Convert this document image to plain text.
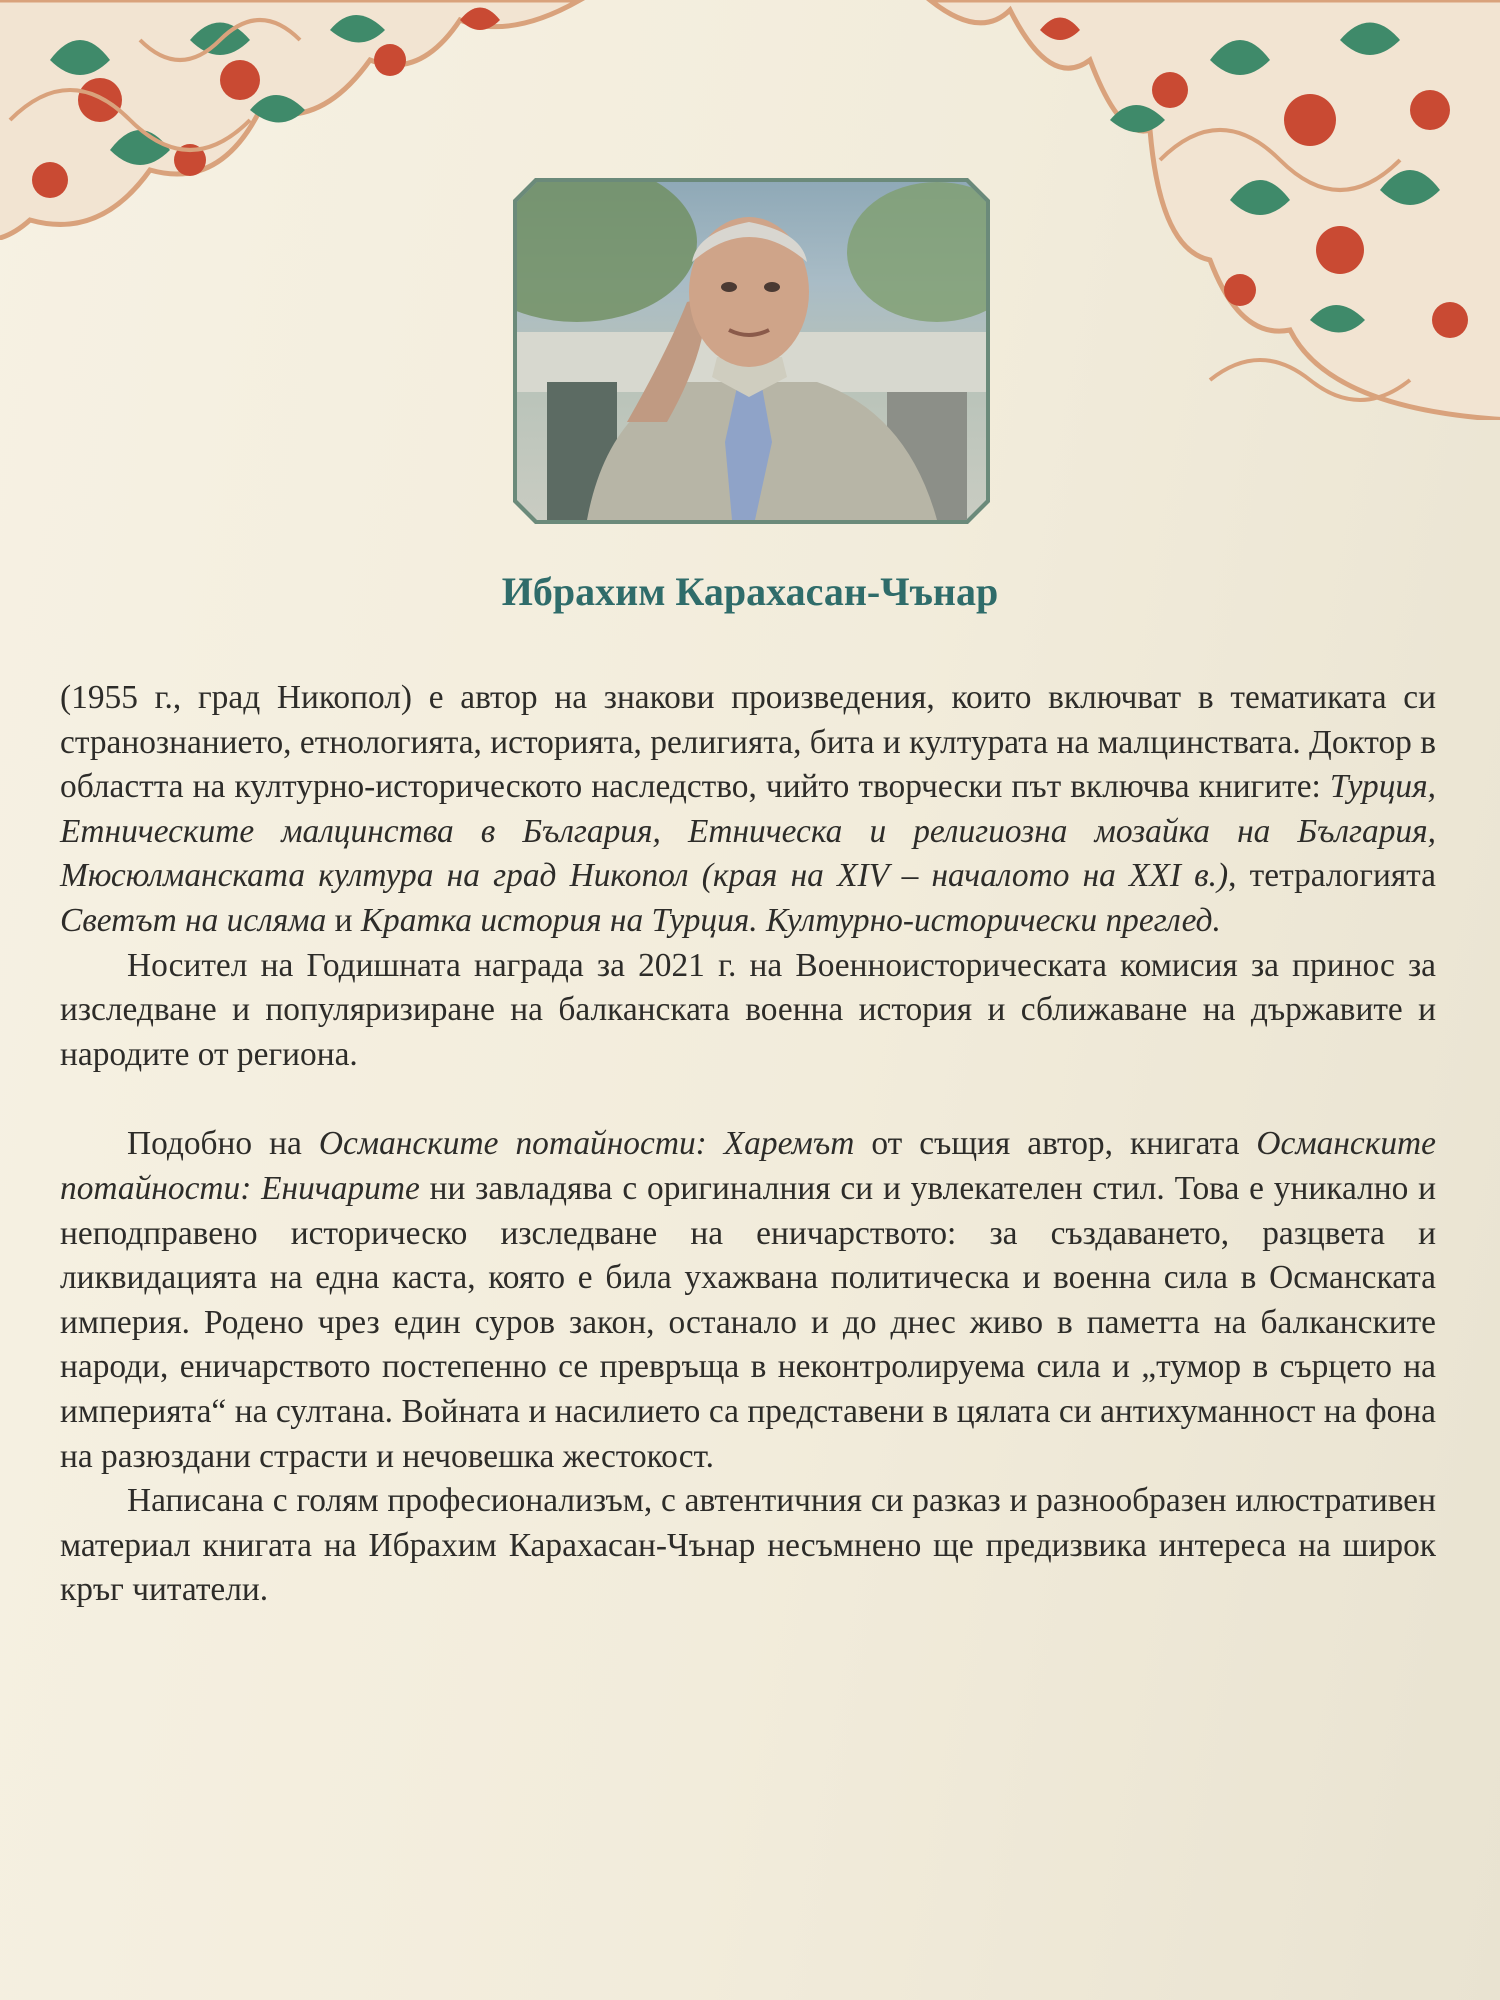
Ибрахим Карахасан-Чънар

(1955 г., град Никопол) е автор на знакови произведения, които включват в тематиката си странознанието, етнологията, историята, религията, бита и културата на малцинствата. Доктор в областта на културно-историческото наследство, чийто творчески път включва книгите: Турция, Етническите малцинства в България, Етническа и религиозна мозайка на България, Мюсюлманската култура на град Никопол (края на XIV – началото на XXI в.), тетралогията Светът на исляма и Кратка история на Турция. Културно-исторически преглед.

Носител на Годишната награда за 2021 г. на Военноисторическата комисия за принос за изследване и популяризиране на балканската военна история и сближаване на държавите и народите от региона.

Подобно на Османските потайности: Харемът от същия автор, книгата Османските потайности: Еничарите ни завладява с оригиналния си и увлекателен стил. Това е уникално и неподправено историческо изследване на еничарството: за създаването, разцвета и ликвидацията на една каста, която е била ухажвана политическа и военна сила в Османската империя. Родено чрез един суров закон, останало и до днес живо в паметта на балканските народи, еничарството постепенно се превръща в неконтролируема сила и „тумор в сърцето на империята“ на султана. Войната и насилието са представени в цялата си антихуманност на фона на разюздани страсти и нечовешка жестокост.

Написана с голям професионализъм, с автентичния си разказ и разнообразен илюстративен материал книгата на Ибрахим Карахасан-Чънар несъмнено ще предизвика интереса на широк кръг читатели.
